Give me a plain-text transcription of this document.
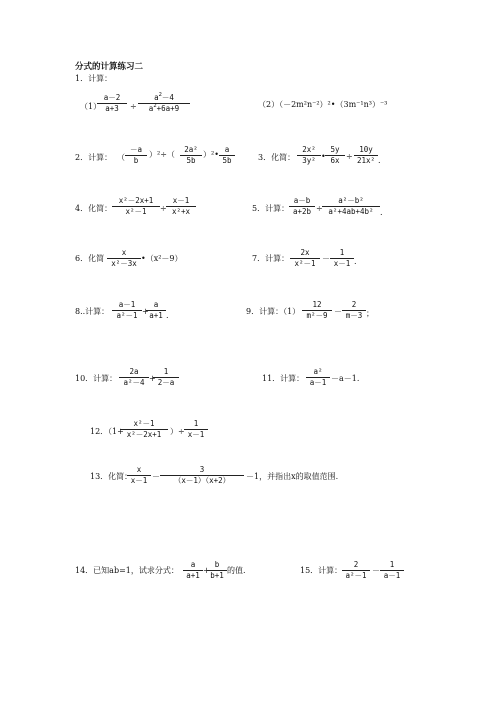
分式的计算练习二
1．计算：
（1）
a－2
a+3	÷
$a^2-4$
$a^2+6a+9$	（2）（－2m²n⁻²）²•（3m⁻¹n³）⁻³
2．计算： （
－a
b
）²÷（
2a²
5b
）²•
a
5b	3．化简：
2x²
3y² •
5y
6x ÷
10y
21x² .
4．化简：
x²－2x+1
x²－1	÷
x－1
x²+x	5．计算：
a－b
a+2b ÷
a²－b²
a²+4ab+4b² .
6．化简
x
x²－3x
•（x²－9）	7．计算：
2x
x²－1
－
1
x－1 .
8..计算：
a－1
a²－1 +
a
a+1 .	9．计算：（1）
12
m²－9 －
2
m－3 ；
10．计算：
2a
a²－4 +
1
2－a	11．计算：
a²
a－1 －a－1.
12．
（1+
x²－1
x²－2x+1	）÷
1
x－1
13．化简：
x
x－1 －
3
（x－1）（x+2）	－1，并指出x的取值范围.
14．已知ab=1，试求分式：
a
a+1
+
b
b+1
的值.	15．计算：
2
a²－1
－
1
a－1
